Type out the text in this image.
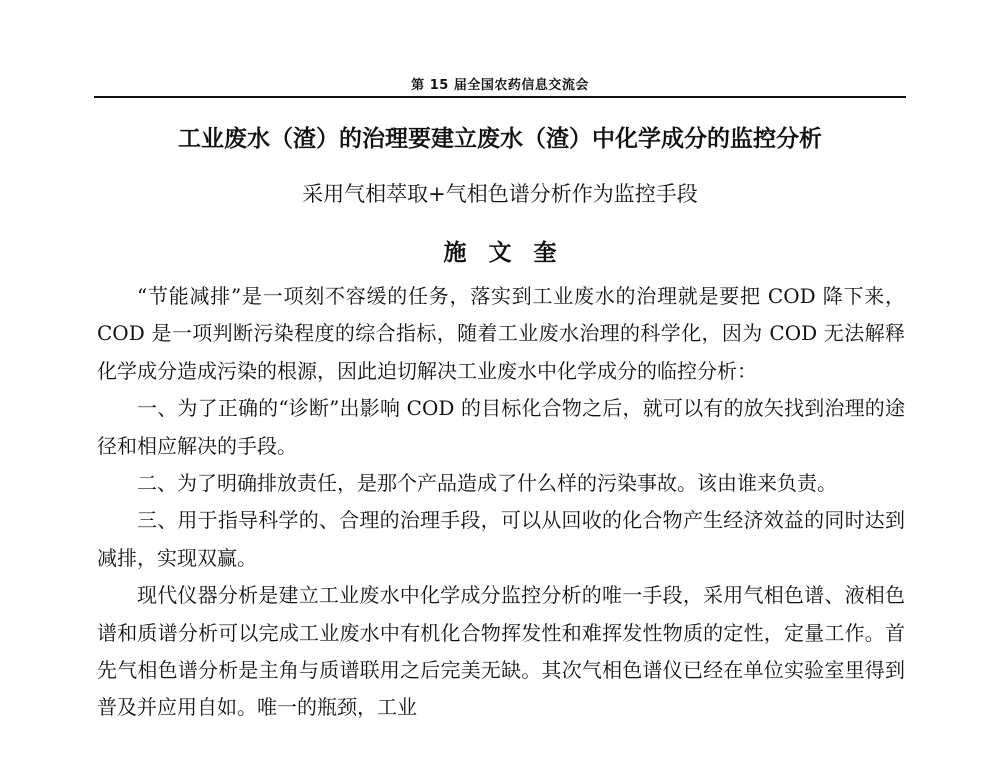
第 15 届全国农药信息交流会
工业废水（渣）的治理要建立废水（渣）中化学成分的监控分析
采用气相萃取+气相色谱分析作为监控手段
施文奎

“节能减排”是一项刻不容缓的任务，落实到工业废水的治理就是要把 COD 降下来，COD 是一项判断污染程度的综合指标，随着工业废水治理的科学化，因为 COD 无法解释化学成分造成污染的根源，因此迫切解决工业废水中化学成分的临控分析：

一、为了正确的“诊断”出影响 COD 的目标化合物之后，就可以有的放矢找到治理的途径和相应解决的手段。

二、为了明确排放责任，是那个产品造成了什么样的污染事故。该由谁来负责。

三、用于指导科学的、合理的治理手段，可以从回收的化合物产生经济效益的同时达到减排，实现双赢。

现代仪器分析是建立工业废水中化学成分监控分析的唯一手段，采用气相色谱、液相色谱和质谱分析可以完成工业废水中有机化合物挥发性和难挥发性物质的定性，定量工作。首先气相色谱分析是主角与质谱联用之后完美无缺。其次气相色谱仪已经在单位实验室里得到普及并应用自如。唯一的瓶颈，工业
